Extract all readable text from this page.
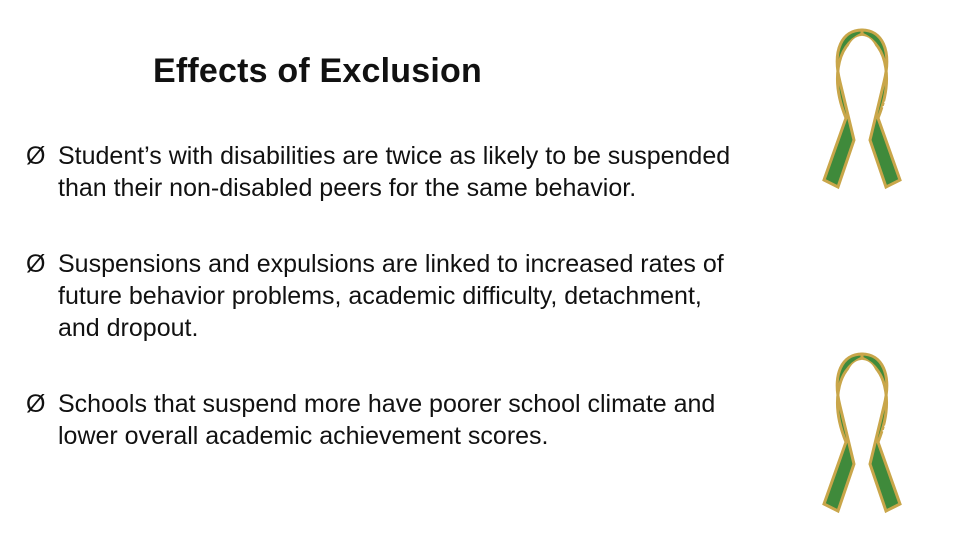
Effects of Exclusion
Ø Student’s with disabilities are twice as likely to be suspended than their non-disabled peers for the same behavior.
Ø Suspensions and expulsions are linked to increased rates of future behavior problems, academic difficulty, detachment, and dropout.
Ø Schools that suspend more have poorer school climate and lower overall academic achievement scores.
Mental Health Matters
Mental Health Matters
